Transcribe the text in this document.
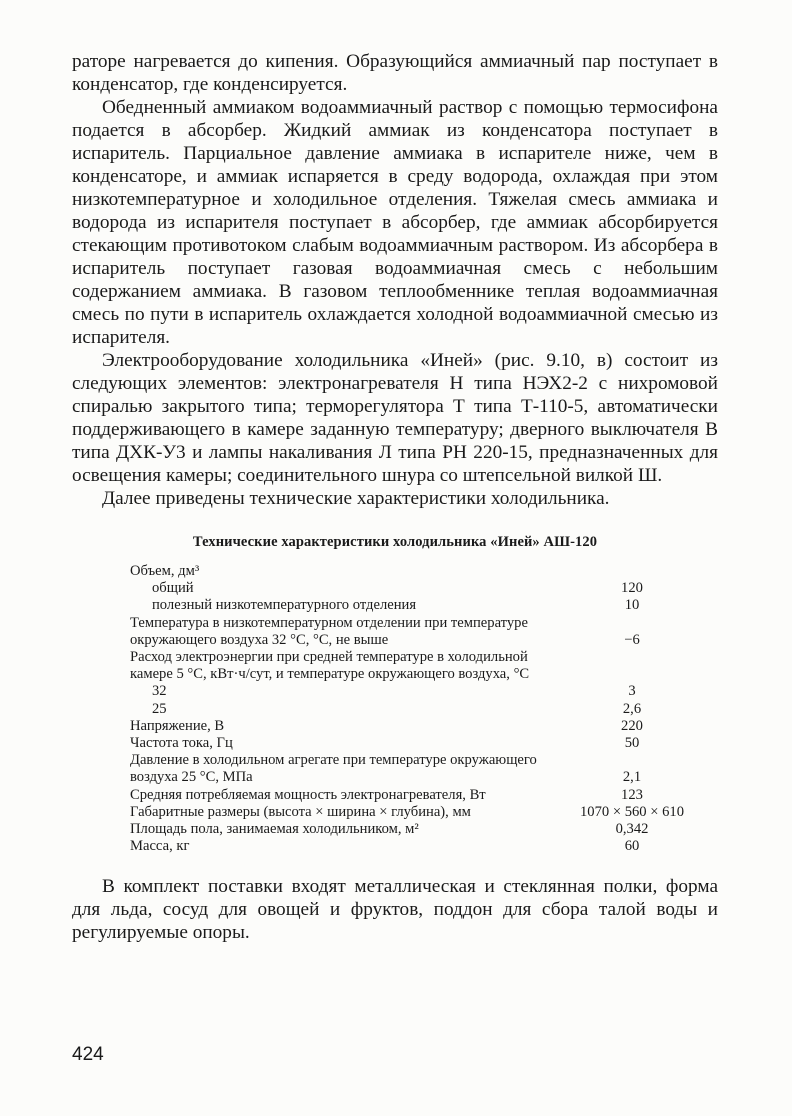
раторе нагревается до кипения. Образующийся аммиачный пар поступает в конденсатор, где конденсируется.

Обедненный аммиаком водоаммиачный раствор с помощью термосифона подается в абсорбер. Жидкий аммиак из конденсатора поступает в испаритель. Парциальное давление аммиака в испарителе ниже, чем в конденсаторе, и аммиак испаряется в среду водорода, охлаждая при этом низкотемпературное и холодильное отделения. Тяжелая смесь аммиака и водорода из испарителя поступает в абсорбер, где аммиак абсорбируется стекающим противотоком слабым водоаммиачным раствором. Из абсорбера в испаритель поступает газовая водоаммиачная смесь с небольшим содержанием аммиака. В газовом теплообменнике теплая водоаммиачная смесь по пути в испаритель охлаждается холодной водоаммиачной смесью из испарителя.

Электрооборудование холодильника «Иней» (рис. 9.10, в) состоит из следующих элементов: электронагревателя Н типа НЭХ2-2 с нихромовой спиралью закрытого типа; терморегулятора Т типа Т-110-5, автоматически поддерживающего в камере заданную температуру; дверного выключателя В типа ДХК-У3 и лампы накаливания Л типа РН 220-15, предназначенных для освещения камеры; соединительного шнура со штепсельной вилкой Ш.

Далее приведены технические характеристики холодильника.

Технические характеристики холодильника «Иней» АШ-120
Объем, дм³	
общий	120
полезный низкотемпературного отделения	10
Температура в низкотемпературном отделении при температуре окружающего воздуха 32 °С, °С, не выше	−6
Расход электроэнергии при средней температуре в холодильной камере 5 °С, кВт·ч/сут, и температуре окружающего воздуха, °С	
32	3
25	2,6
Напряжение, В	220
Частота тока, Гц	50
Давление в холодильном агрегате при температуре окружающего воздуха 25 °С, МПа	2,1
Средняя потребляемая мощность электронагревателя, Вт	123
Габаритные размеры (высота × ширина × глубина), мм	1070 × 560 × 610
Площадь пола, занимаемая холодильником, м²	0,342
Масса, кг	60

В комплект поставки входят металлическая и стеклянная полки, форма для льда, сосуд для овощей и фруктов, поддон для сбора талой воды и регулируемые опоры.

424
